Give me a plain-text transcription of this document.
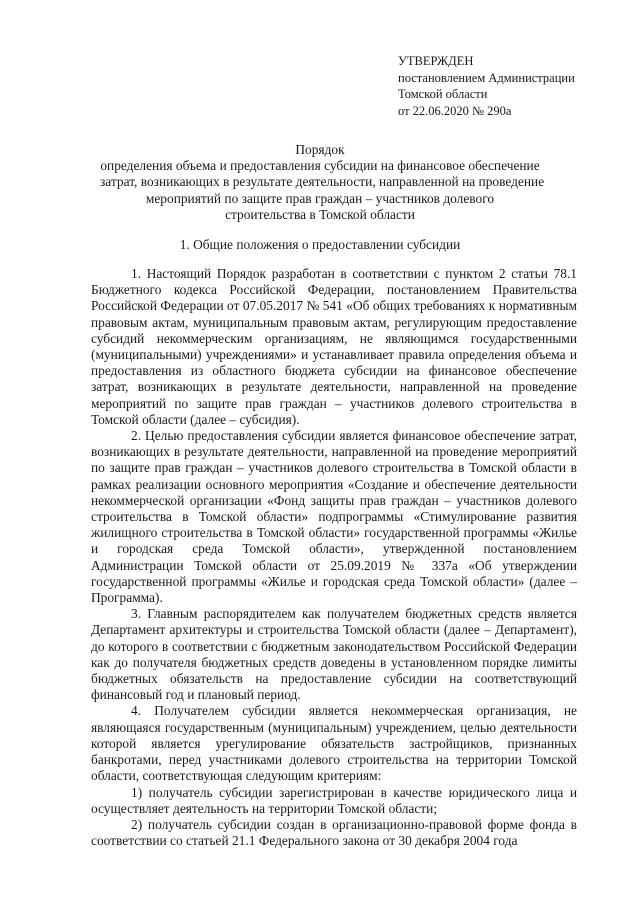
УТВЕРЖДЕН
постановлением Администрации
Томской области
от 22.06.2020 № 290а
Порядок
определения объема и предоставления субсидии на финансовое обеспечение
затрат, возникающих в результате деятельности, направленной на проведение
мероприятий по защите прав граждан – участников долевого
строительства в Томской области
1. Общие положения о предоставлении субсидии

1. Настоящий Порядок разработан в соответствии с пунктом 2 статьи 78.1 Бюджетного кодекса Российской Федерации, постановлением Правительства Российской Федерации от 07.05.2017 № 541 «Об общих требованиях к нормативным правовым актам, муниципальным правовым актам, регулирующим предоставление субсидий некоммерческим организациям, не являющимся государственными (муниципальными) учреждениями» и устанавливает правила определения объема и предоставления из областного бюджета субсидии на финансовое обеспечение затрат, возникающих в результате деятельности, направленной на проведение мероприятий по защите прав граждан – участников долевого строительства в Томской области (далее – субсидия).

2. Целью предоставления субсидии является финансовое обеспечение затрат, возникающих в результате деятельности, направленной на проведение мероприятий по защите прав граждан – участников долевого строительства в Томской области в рамках реализации основного мероприятия «Создание и обеспечение деятельности некоммерческой организации «Фонд защиты прав граждан – участников долевого строительства в Томской области» подпрограммы «Стимулирование развития жилищного строительства в Томской области» государственной программы «Жилье и городская среда Томской области», утвержденной постановлением Администрации Томской области от 25.09.2019 № 337а «Об утверждении государственной программы «Жилье и городская среда Томской области» (далее – Программа).

3. Главным распорядителем как получателем бюджетных средств является Департамент архитектуры и строительства Томской области (далее – Департамент), до которого в соответствии с бюджетным законодательством Российской Федерации как до получателя бюджетных средств доведены в установленном порядке лимиты бюджетных обязательств на предоставление субсидии на соответствующий финансовый год и плановый период.

4. Получателем субсидии является некоммерческая организация, не являющаяся государственным (муниципальным) учреждением, целью деятельности которой является урегулирование обязательств застройщиков, признанных банкротами, перед участниками долевого строительства на территории Томской области, соответствующая следующим критериям:

1) получатель субсидии зарегистрирован в качестве юридического лица и осуществляет деятельность на территории Томской области;

2) получатель субсидии создан в организационно-правовой форме фонда в соответствии со статьей 21.1 Федерального закона от 30 декабря 2004 года
